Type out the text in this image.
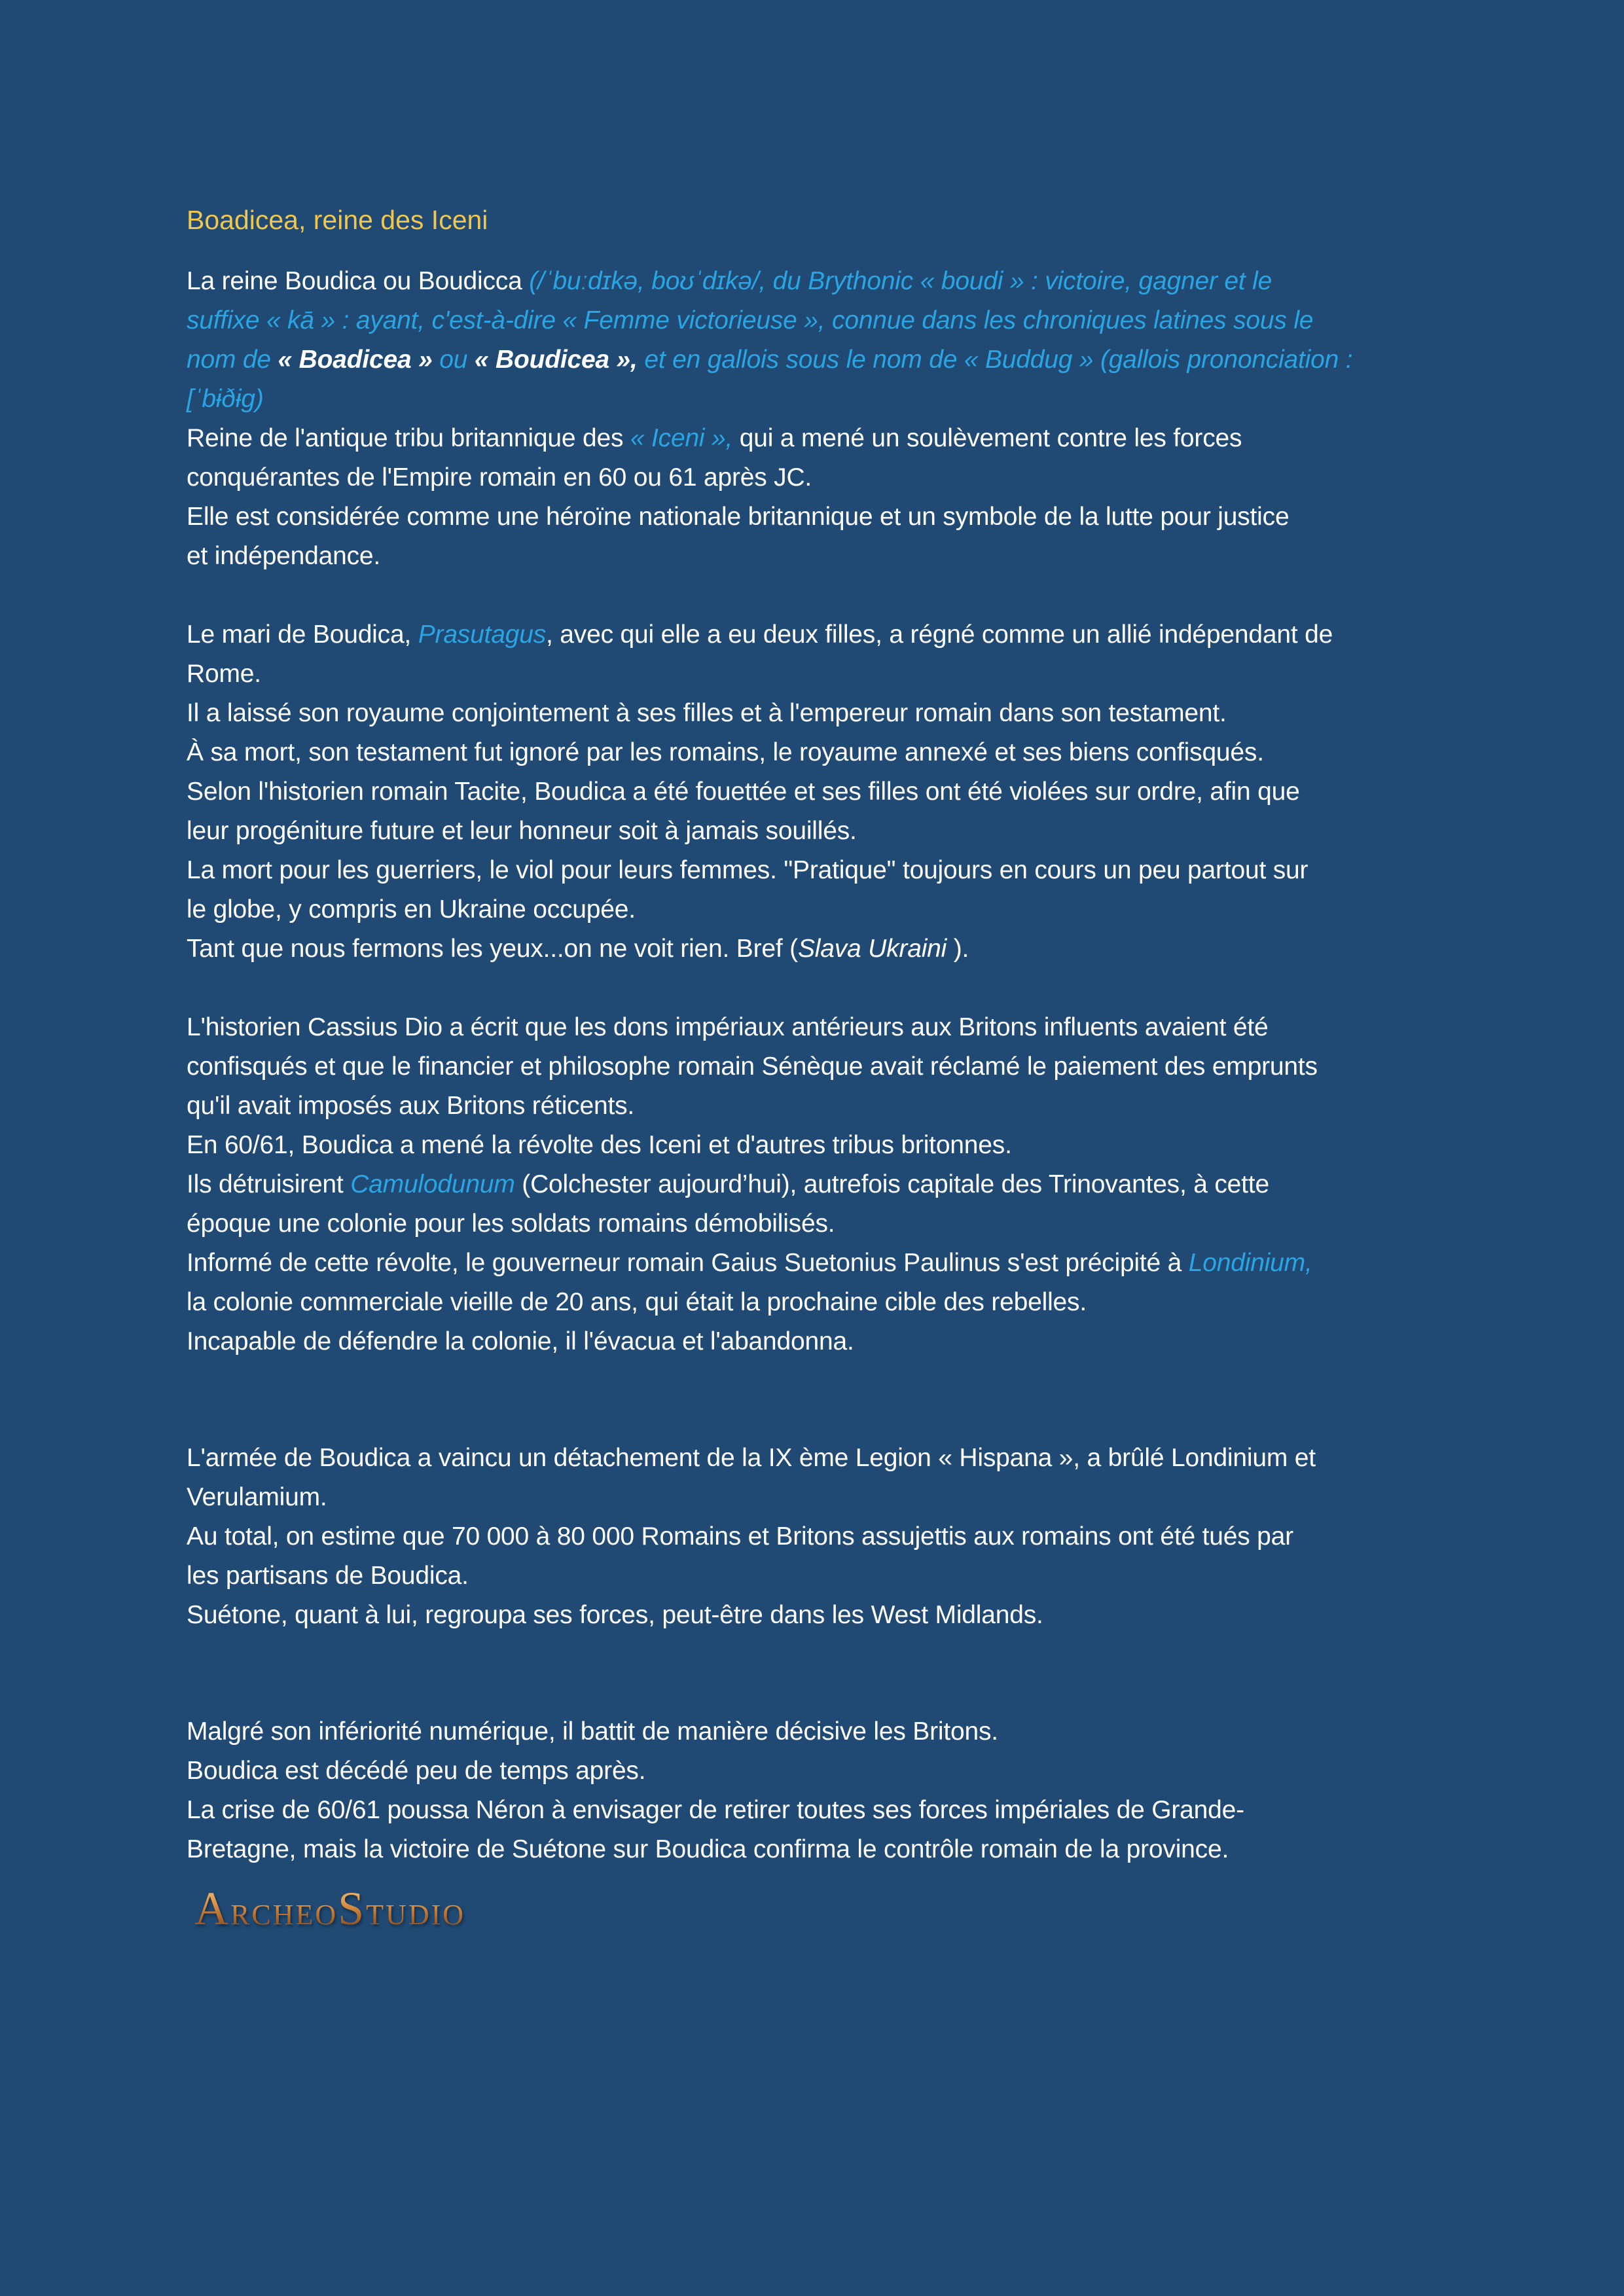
Boadicea, reine des Iceni

La reine Boudica ou Boudicca (/ˈbuːdɪkə, boʊˈdɪkə/, du Brythonic « boudi » : victoire, gagner et le
suffixe « kā » : ayant, c'est-à-dire « Femme victorieuse », connue dans les chroniques latines sous le
nom de « Boadicea » ou « Boudicea », et en gallois sous le nom de « Buddug » (gallois prononciation :
[ˈbɨðɨɡ)
Reine de l'antique tribu britannique des « Iceni », qui a mené un soulèvement contre les forces
conquérantes de l'Empire romain en 60 ou 61 après JC.
Elle est considérée comme une héroïne nationale britannique et un symbole de la lutte pour justice
et indépendance.

Le mari de Boudica, Prasutagus, avec qui elle a eu deux filles, a régné comme un allié indépendant de
Rome.
Il a laissé son royaume conjointement à ses filles et à l'empereur romain dans son testament.
À sa mort, son testament fut ignoré par les romains, le royaume annexé et ses biens confisqués.
Selon l'historien romain Tacite, Boudica a été fouettée et ses filles ont été violées sur ordre, afin que
leur progéniture future et leur honneur soit à jamais souillés.
La mort pour les guerriers, le viol pour leurs femmes. "Pratique" toujours en cours un peu partout sur
le globe, y compris en Ukraine occupée.
Tant que nous fermons les yeux...on ne voit rien. Bref (Slava Ukraini ).

L'historien Cassius Dio a écrit que les dons impériaux antérieurs aux Britons influents avaient été
confisqués et que le financier et philosophe romain Sénèque avait réclamé le paiement des emprunts
qu'il avait imposés aux Britons réticents.
En 60/61, Boudica a mené la révolte des Iceni et d'autres tribus britonnes.
Ils détruisirent Camulodunum (Colchester aujourd’hui), autrefois capitale des Trinovantes, à cette
époque une colonie pour les soldats romains démobilisés.
Informé de cette révolte, le gouverneur romain Gaius Suetonius Paulinus s'est précipité à Londinium,
la colonie commerciale vieille de 20 ans, qui était la prochaine cible des rebelles.
Incapable de défendre la colonie, il l'évacua et l'abandonna.

L'armée de Boudica a vaincu un détachement de la IX ème Legion « Hispana », a brûlé Londinium et
Verulamium.
Au total, on estime que 70 000 à 80 000 Romains et Britons assujettis aux romains ont été tués par
les partisans de Boudica.
Suétone, quant à lui, regroupa ses forces, peut-être dans les West Midlands.

Malgré son infériorité numérique, il battit de manière décisive les Britons.
Boudica est décédé peu de temps après.
La crise de 60/61 poussa Néron à envisager de retirer toutes ses forces impériales de Grande-
Bretagne, mais la victoire de Suétone sur Boudica confirma le contrôle romain de la province.

ARCHEOSTUDIO
